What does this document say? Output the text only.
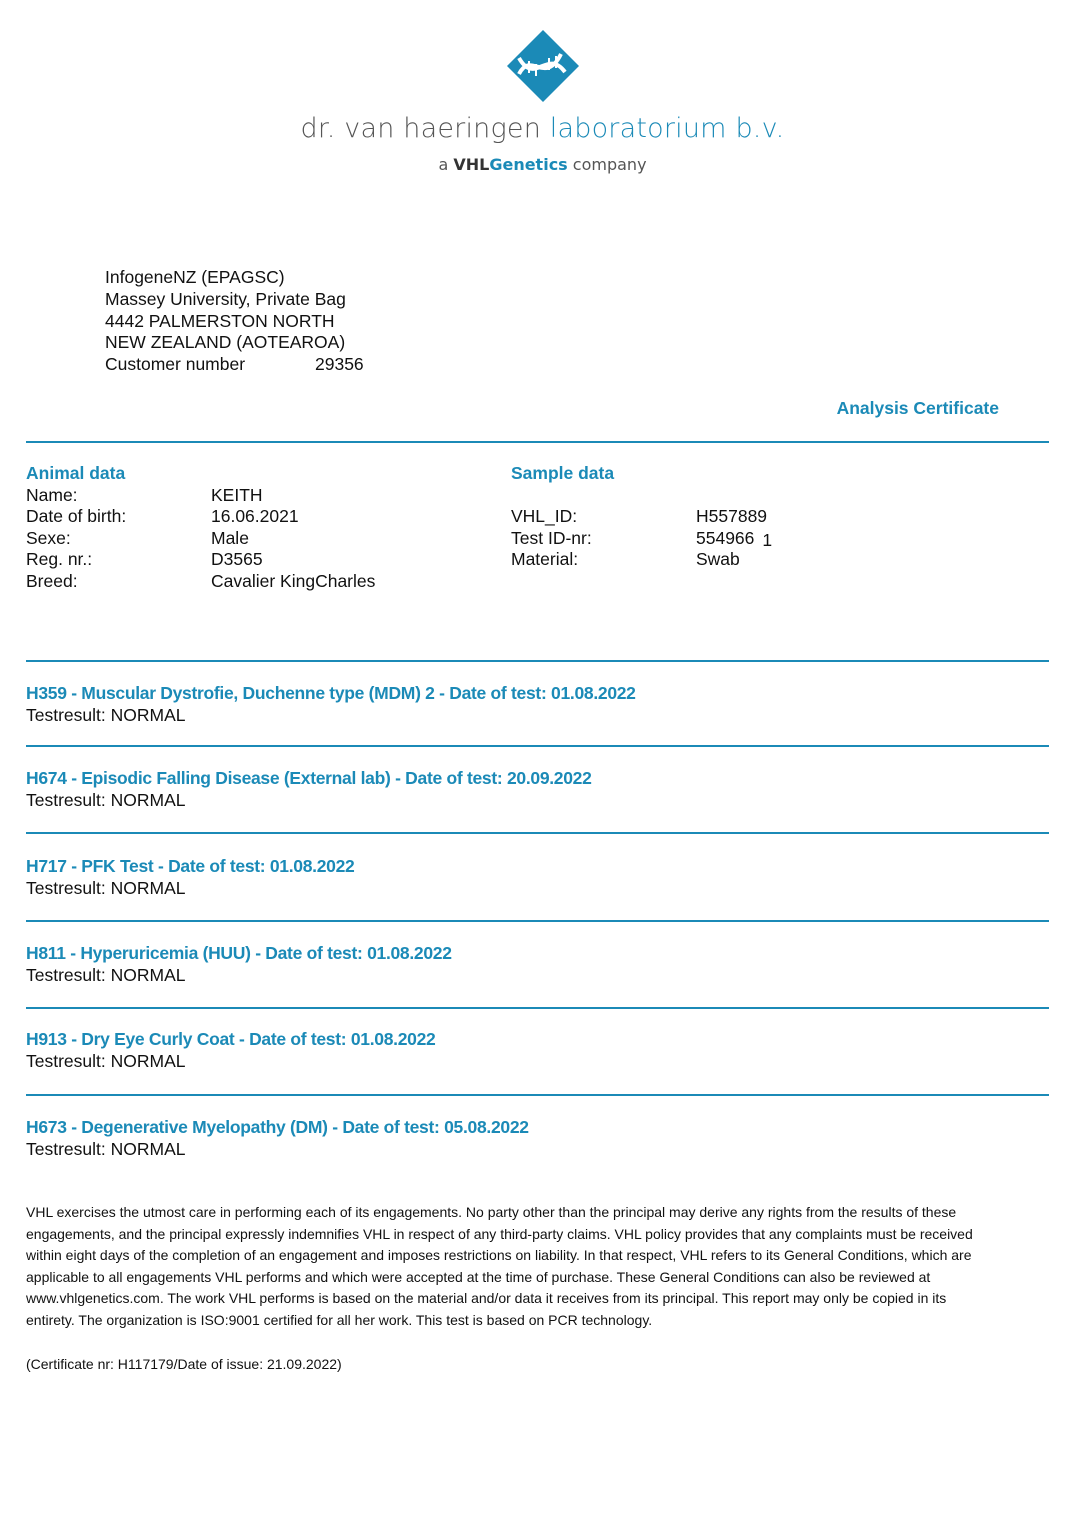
dr. van haeringen laboratorium b.v.
a VHLGenetics company
InfogeneNZ (EPAGSC)
Massey University, Private Bag
4442 PALMERSTON NORTH
NEW ZEALAND (AOTEAROA)
Customer number	29356
Analysis Certificate
Animal data
Name:	KEITH
Date of birth:	16.06.2021
Sexe:	Male
Reg. nr.:	D3565
Breed:	Cavalier KingCharles
Sample data
VHL_ID:	H557889
Test ID-nr:	554966 1
Material:	Swab
H359 - Muscular Dystrofie, Duchenne type (MDM) 2 - Date of test: 01.08.2022
Testresult: NORMAL
H674 - Episodic Falling Disease (External lab) - Date of test: 20.09.2022
Testresult: NORMAL
H717 - PFK Test - Date of test: 01.08.2022
Testresult: NORMAL
H811 - Hyperuricemia (HUU) - Date of test: 01.08.2022
Testresult: NORMAL
H913 - Dry Eye Curly Coat - Date of test: 01.08.2022
Testresult: NORMAL
H673 - Degenerative Myelopathy (DM) - Date of test: 05.08.2022
Testresult: NORMAL
VHL exercises the utmost care in performing each of its engagements. No party other than the principal may derive any rights from the results of these engagements, and the principal expressly indemnifies VHL in respect of any third-party claims. VHL policy provides that any complaints must be received within eight days of the completion of an engagement and imposes restrictions on liability. In that respect, VHL refers to its General Conditions, which are applicable to all engagements VHL performs and which were accepted at the time of purchase. These General Conditions can also be reviewed at www.vhlgenetics.com. The work VHL performs is based on the material and/or data it receives from its principal. This report may only be copied in its entirety. The organization is ISO:9001 certified for all her work. This test is based on PCR technology.
(Certificate nr: H117179/Date of issue: 21.09.2022)
